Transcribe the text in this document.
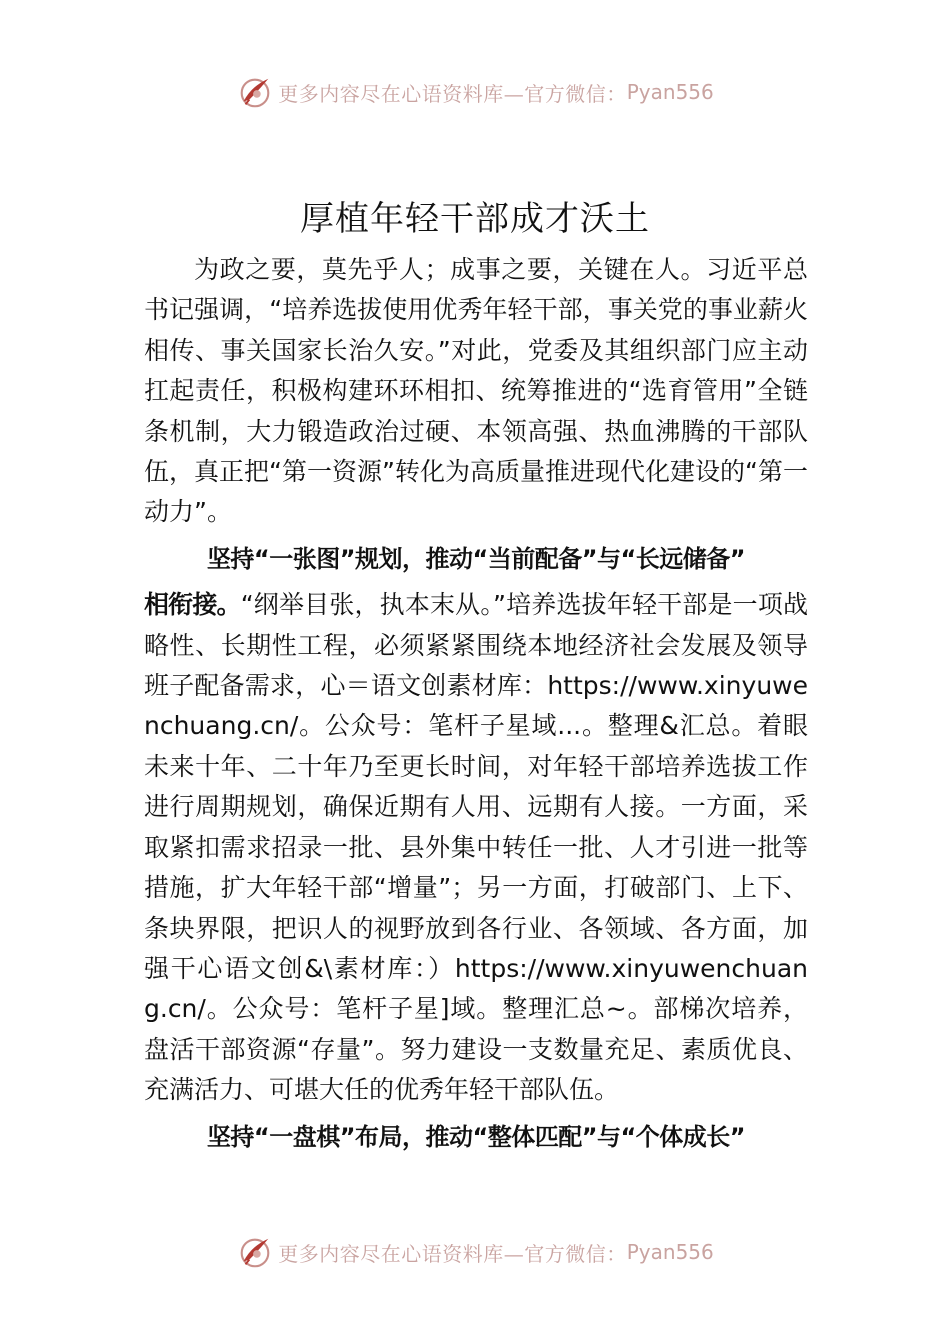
更多内容尽在心语资料库—官方微信： Pyan556
厚植年轻干部成才沃土

为政之要，莫先乎人；成事之要，关键在人。习近平总书记强调，“培养选拔使用优秀年轻干部，事关党的事业薪火相传、事关国家长治久安。”对此，党委及其组织部门应主动扛起责任，积极构建环环相扣、统筹推进的“选育管用”全链条机制，大力锻造政治过硬、本领高强、热血沸腾的干部队伍，真正把“第一资源”转化为高质量推进现代化建设的“第一动力”。

坚持“一张图”规划，推动“当前配备”与“长远储备”

相衔接。“纲举目张，执本末从。”培养选拔年轻干部是一项战略性、长期性工程，必须紧紧围绕本地经济社会发展及领导班子配备需求，心＝语文创素材库：https://www.xinyuwenchuang.cn/。公众号：笔杆子星域...。整理&汇总。着眼未来十年、二十年乃至更长时间，对年轻干部培养选拔工作进行周期规划，确保近期有人用、远期有人接。一方面，采取紧扣需求招录一批、县外集中转任一批、人才引进一批等措施，扩大年轻干部“增量”；另一方面，打破部门、上下、条块界限，把识人的视野放到各行业、各领域、各方面，加强干心语文创&\素材库：）https://www.xinyuwenchuang.cn/。公众号：笔杆子星]域。整理汇总~。部梯次培养，盘活干部资源“存量”。努力建设一支数量充足、素质优良、充满活力、可堪大任的优秀年轻干部队伍。

坚持“一盘棋”布局，推动“整体匹配”与“个体成长”
更多内容尽在心语资料库—官方微信： Pyan556
